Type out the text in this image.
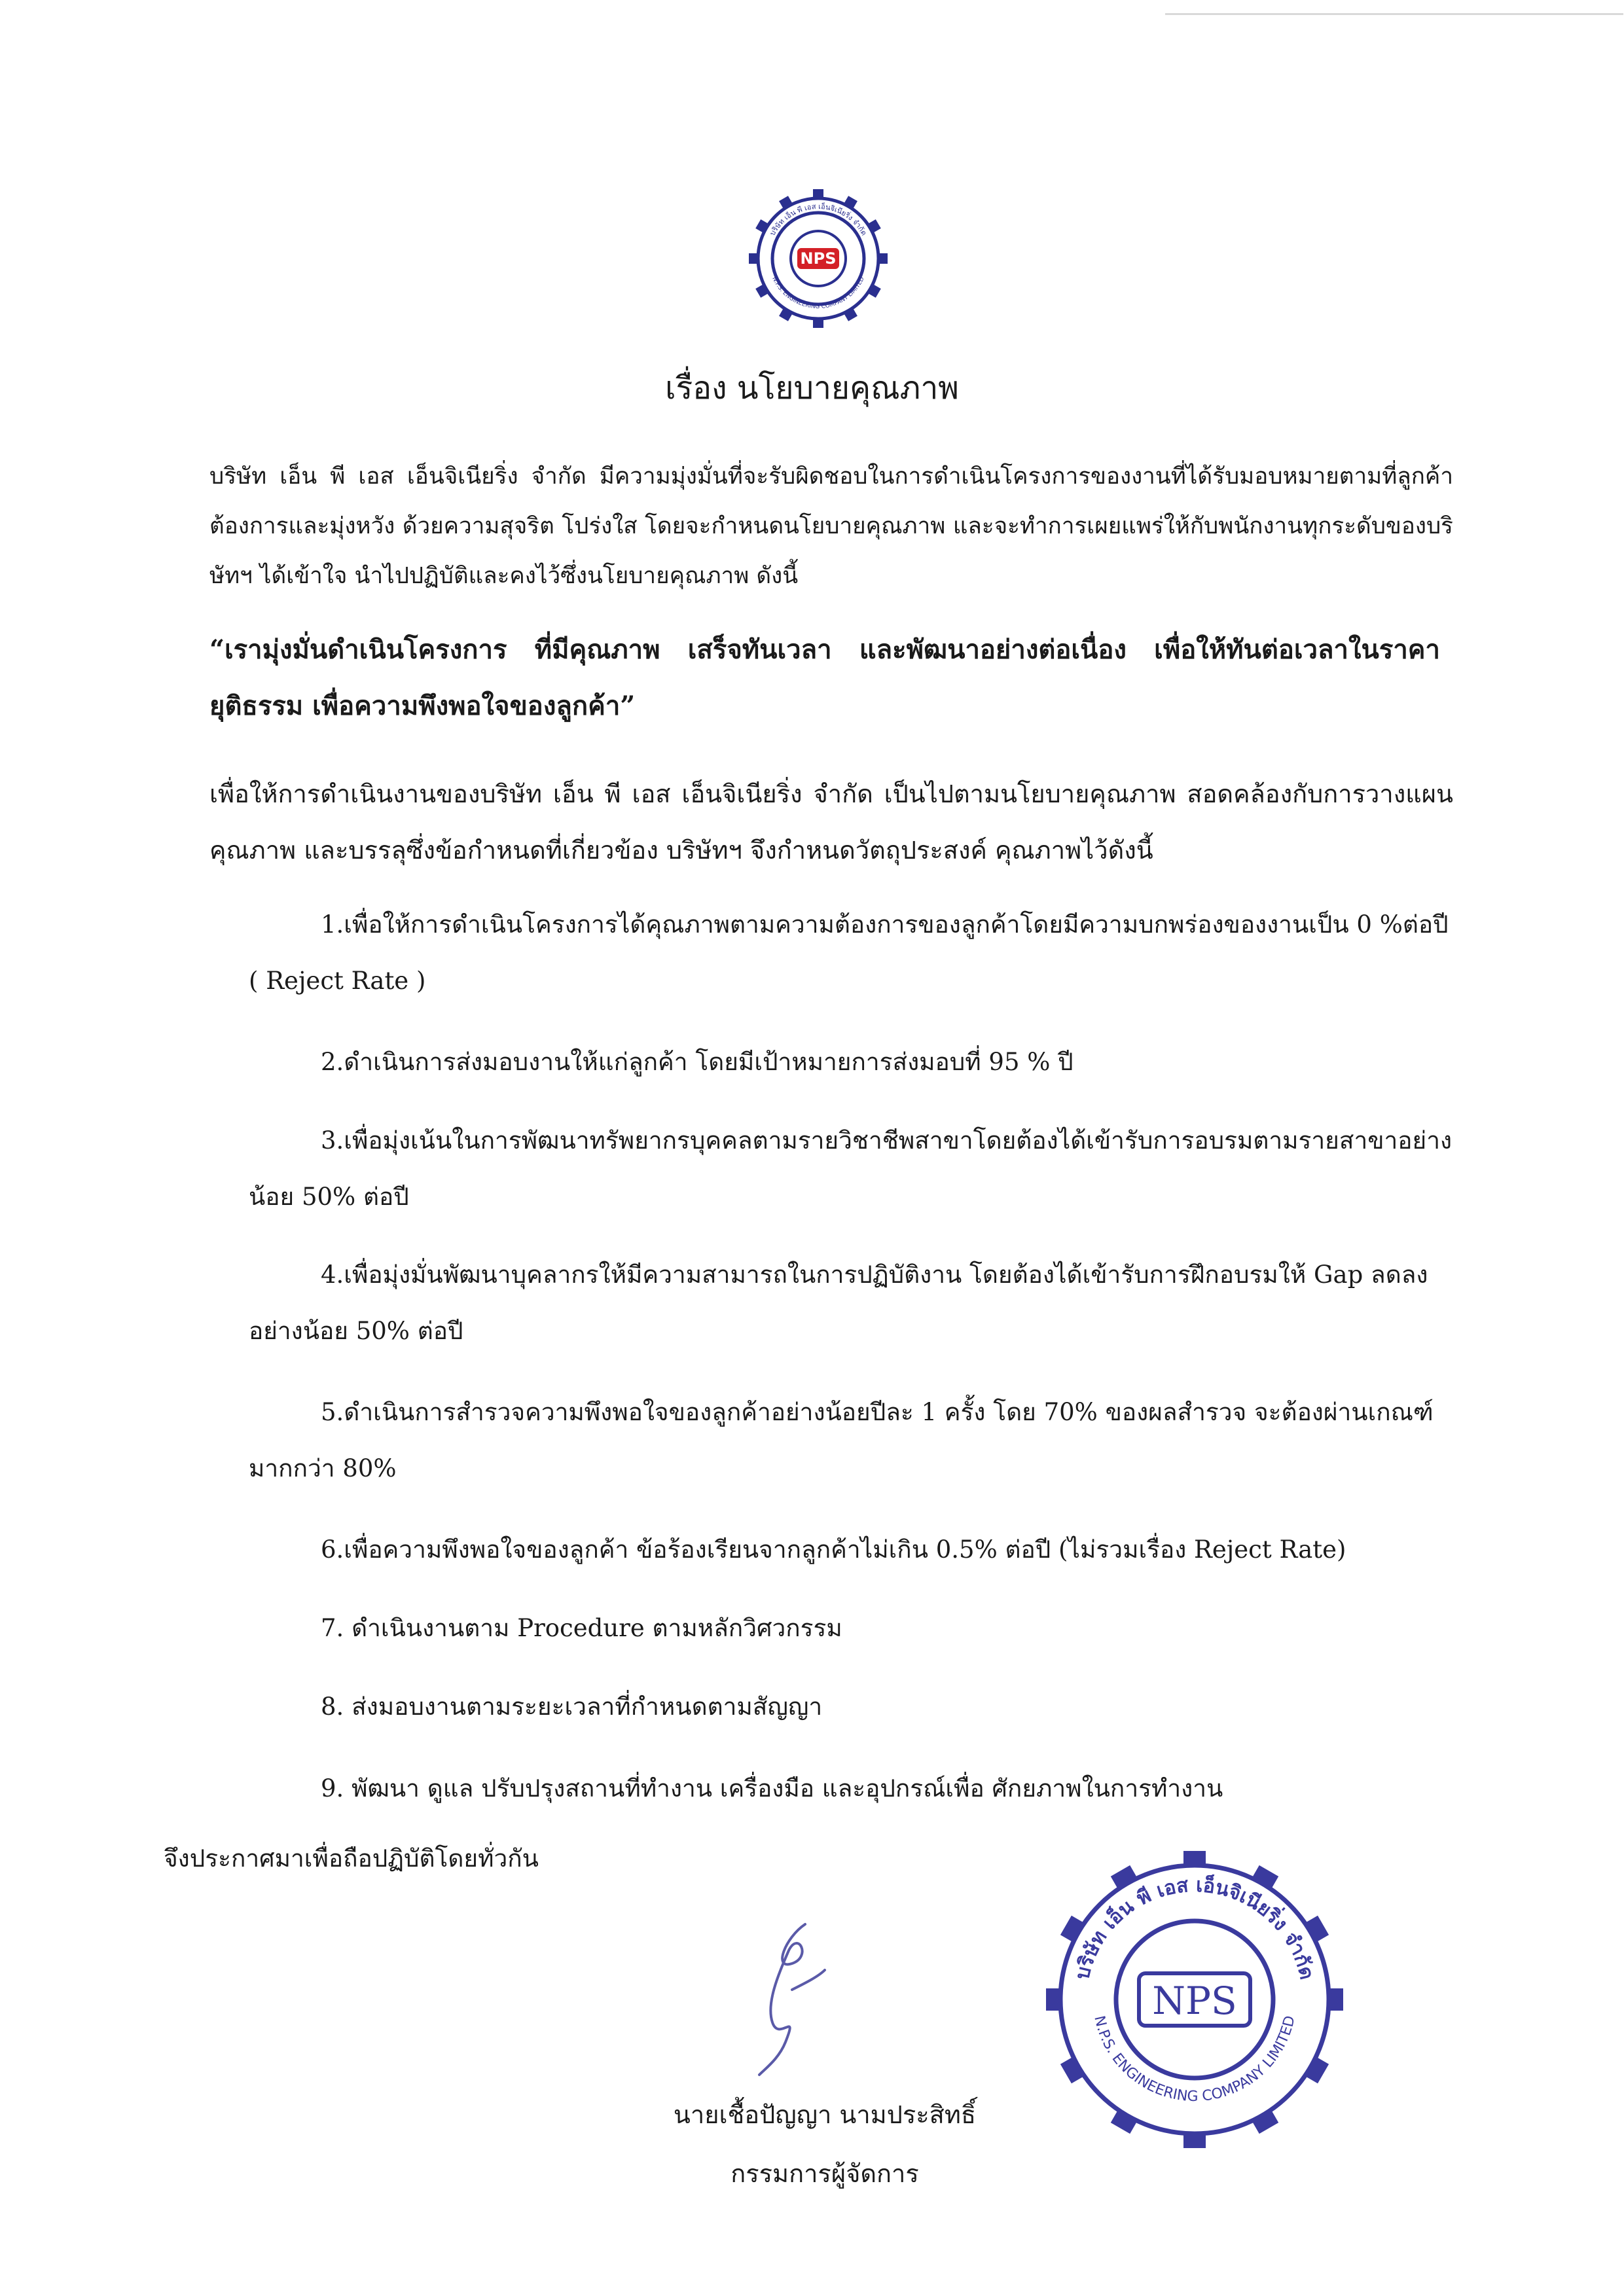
NPS
บริษัท เอ็น พี เอส เอ็นจิเนียริ่ง จำกัด
N.P.S. ENGINEERING COMPANY LIMITED
เรื่อง นโยบายคุณภาพ

บริษัท เอ็น พี เอส เอ็นจิเนียริ่ง จำกัด มีความมุ่งมั่นที่จะรับผิดชอบในการดำเนินโครงการของงานที่ได้รับมอบหมายตามที่ลูกค้าต้องการและมุ่งหวัง ด้วยความสุจริต โปร่งใส โดยจะกำหนดนโยบายคุณภาพ และจะทำการเผยแพร่ให้กับพนักงานทุกระดับของบริษัทฯ ได้เข้าใจ นำไปปฏิบัติและคงไว้ซึ่งนโยบายคุณภาพ ดังนี้

“เรามุ่งมั่นดำเนินโครงการ ที่มีคุณภาพ เสร็จทันเวลา และพัฒนาอย่างต่อเนื่อง เพื่อให้ทันต่อเวลาในราคายุติธรรม เพื่อความพึงพอใจของลูกค้า”

เพื่อให้การดำเนินงานของบริษัท เอ็น พี เอส เอ็นจิเนียริ่ง จำกัด เป็นไปตามนโยบายคุณภาพ สอดคล้องกับการวางแผนคุณภาพ และบรรลุซึ่งข้อกำหนดที่เกี่ยวข้อง บริษัทฯ จึงกำหนดวัตถุประสงค์ คุณภาพไว้ดังนี้

1.เพื่อให้การดำเนินโครงการได้คุณภาพตามความต้องการของลูกค้าโดยมีความบกพร่องของงานเป็น 0 %ต่อปี ( Reject Rate )

2.ดำเนินการส่งมอบงานให้แก่ลูกค้า โดยมีเป้าหมายการส่งมอบที่ 95 % ปี

3.เพื่อมุ่งเน้นในการพัฒนาทรัพยากรบุคคลตามรายวิชาชีพสาขาโดยต้องได้เข้ารับการอบรมตามรายสาขาอย่างน้อย 50% ต่อปี

4.เพื่อมุ่งมั่นพัฒนาบุคลากรให้มีความสามารถในการปฏิบัติงาน โดยต้องได้เข้ารับการฝึกอบรมให้ Gap ลดลงอย่างน้อย 50% ต่อปี

5.ดำเนินการสำรวจความพึงพอใจของลูกค้าอย่างน้อยปีละ 1 ครั้ง โดย 70% ของผลสำรวจ จะต้องผ่านเกณฑ์มากกว่า 80%

6.เพื่อความพึงพอใจของลูกค้า ข้อร้องเรียนจากลูกค้าไม่เกิน 0.5% ต่อปี (ไม่รวมเรื่อง Reject Rate)

7. ดำเนินงานตาม Procedure ตามหลักวิศวกรรม

8. ส่งมอบงานตามระยะเวลาที่กำหนดตามสัญญา

9. พัฒนา ดูแล ปรับปรุงสถานที่ทำงาน เครื่องมือ และอุปกรณ์เพื่อ ศักยภาพในการทำงาน

จึงประกาศมาเพื่อถือปฏิบัติโดยทั่วกัน

NPS
บริษัท เอ็น พี เอส เอ็นจิเนียริ่ง จำกัด
N.P.S. ENGINEERING COMPANY LIMITED
นายเชื้อปัญญา นามประสิทธิ์
กรรมการผู้จัดการ
